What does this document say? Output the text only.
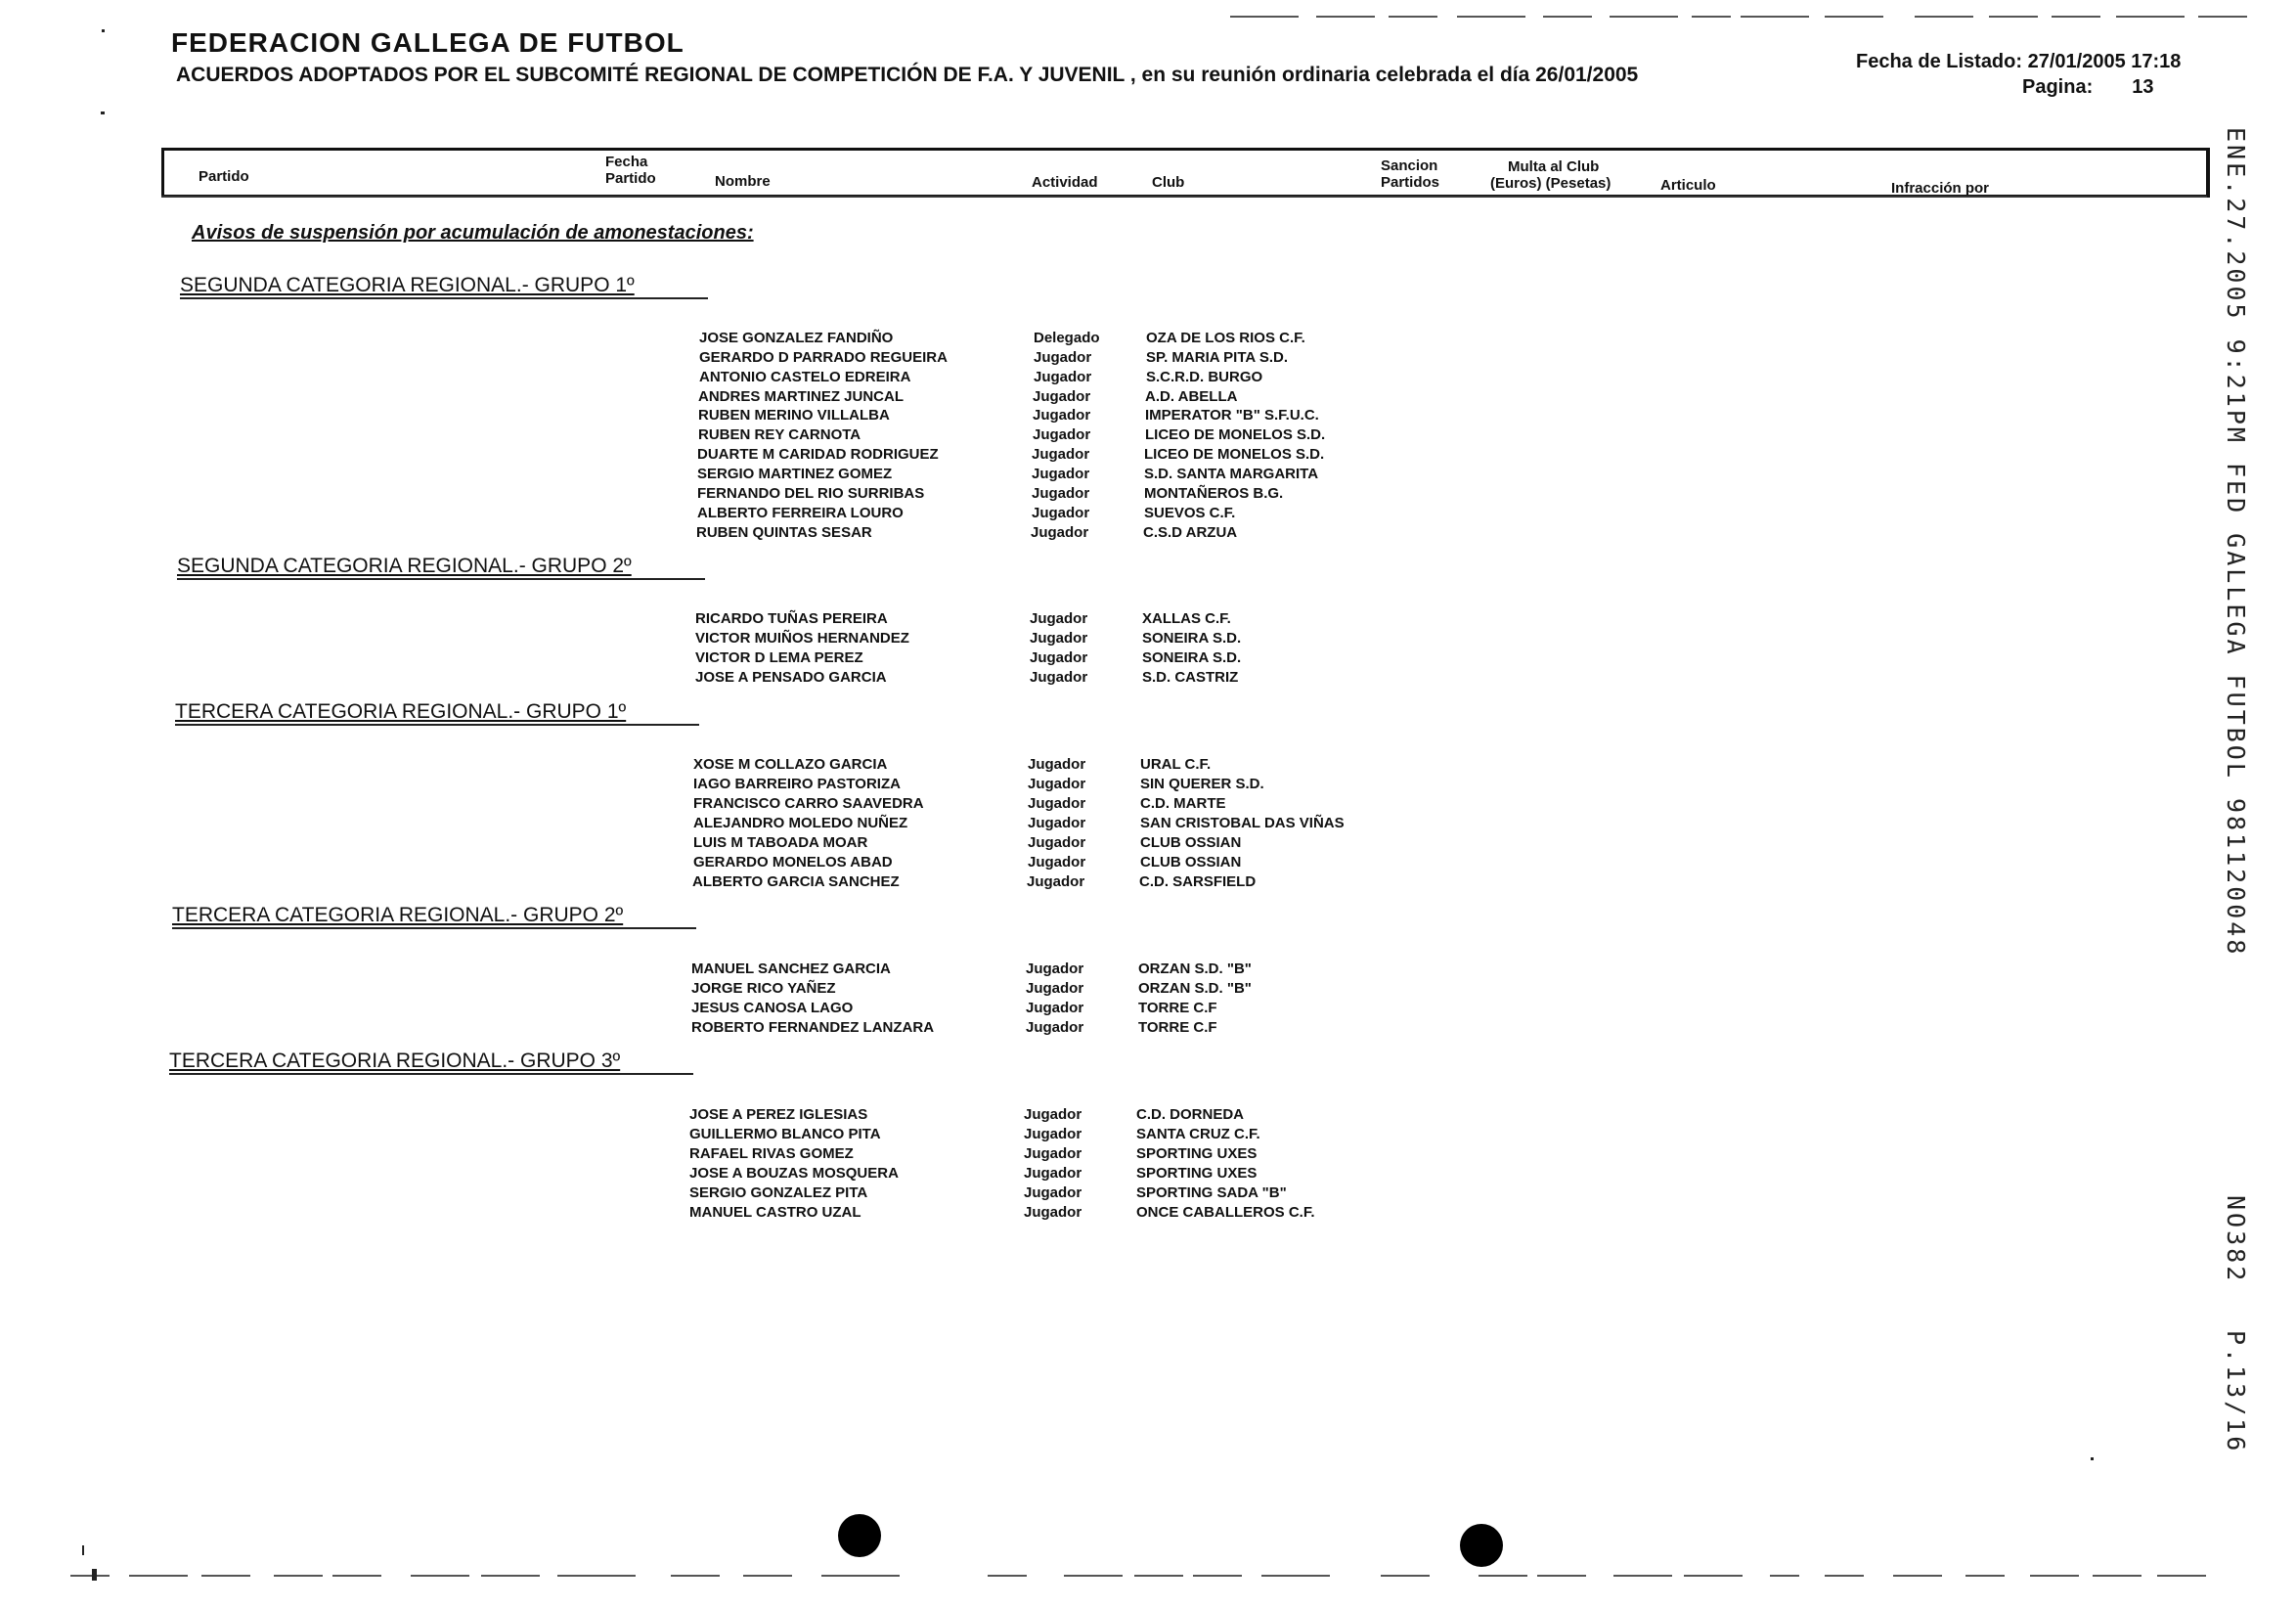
FEDERACION GALLEGA DE FUTBOL
ACUERDOS ADOPTADOS POR EL SUBCOMITÉ REGIONAL DE COMPETICIÓN DE F.A. Y JUVENIL , en su reunión ordinaria celebrada el día 26/01/2005
Fecha de Listado: 27/01/2005 17:18
Pagina: 13
Partido
Fecha
Partido	Nombre	Actividad	Club
Sancion
Partidos
Multa al Club
(Euros) (Pesetas)	Articulo	Infracción por
Avisos de suspensión por acumulación de amonestaciones:
SEGUNDA CATEGORIA REGIONAL.- GRUPO 1º
JOSE GONZALEZ FANDIÑO	Delegado	OZA DE LOS RIOS C.F.
GERARDO D PARRADO REGUEIRA	Jugador	SP. MARIA PITA S.D.
ANTONIO CASTELO EDREIRA	Jugador	S.C.R.D. BURGO
ANDRES MARTINEZ JUNCAL	Jugador	A.D. ABELLA
RUBEN MERINO VILLALBA	Jugador	IMPERATOR "B" S.F.U.C.
RUBEN REY CARNOTA	Jugador	LICEO DE MONELOS S.D.
DUARTE M CARIDAD RODRIGUEZ	Jugador	LICEO DE MONELOS S.D.
SERGIO MARTINEZ GOMEZ	Jugador	S.D. SANTA MARGARITA
FERNANDO DEL RIO SURRIBAS	Jugador	MONTAÑEROS B.G.
ALBERTO FERREIRA LOURO	Jugador	SUEVOS C.F.
RUBEN QUINTAS SESAR	Jugador	C.S.D ARZUA
SEGUNDA CATEGORIA REGIONAL.- GRUPO 2º
RICARDO TUÑAS PEREIRA	Jugador	XALLAS C.F.
VICTOR MUIÑOS HERNANDEZ	Jugador	SONEIRA S.D.
VICTOR D LEMA PEREZ	Jugador	SONEIRA S.D.
JOSE A PENSADO GARCIA	Jugador	S.D. CASTRIZ
TERCERA CATEGORIA REGIONAL.- GRUPO 1º
XOSE M COLLAZO GARCIA	Jugador	URAL C.F.
IAGO BARREIRO PASTORIZA	Jugador	SIN QUERER S.D.
FRANCISCO CARRO SAAVEDRA	Jugador	C.D. MARTE
ALEJANDRO MOLEDO NUÑEZ	Jugador	SAN CRISTOBAL DAS VIÑAS
LUIS M TABOADA MOAR	Jugador	CLUB OSSIAN
GERARDO MONELOS ABAD	Jugador	CLUB OSSIAN
ALBERTO GARCIA SANCHEZ	Jugador	C.D. SARSFIELD
TERCERA CATEGORIA REGIONAL.- GRUPO 2º
MANUEL SANCHEZ GARCIA	Jugador	ORZAN S.D. "B"
JORGE RICO YAÑEZ	Jugador	ORZAN S.D. "B"
JESUS CANOSA LAGO	Jugador	TORRE C.F
ROBERTO FERNANDEZ LANZARA	Jugador	TORRE C.F
TERCERA CATEGORIA REGIONAL.- GRUPO 3º
JOSE A PEREZ IGLESIAS	Jugador	C.D. DORNEDA
GUILLERMO BLANCO PITA	Jugador	SANTA CRUZ C.F.
RAFAEL RIVAS GOMEZ	Jugador	SPORTING UXES
JOSE A BOUZAS MOSQUERA	Jugador	SPORTING UXES
SERGIO GONZALEZ PITA	Jugador	SPORTING SADA "B"
MANUEL CASTRO UZAL	Jugador	ONCE CABALLEROS C.F.
ENE.27.2005 9:21PM FED GALLEGA FUTBOL 981120048
NO382
P.13/16
